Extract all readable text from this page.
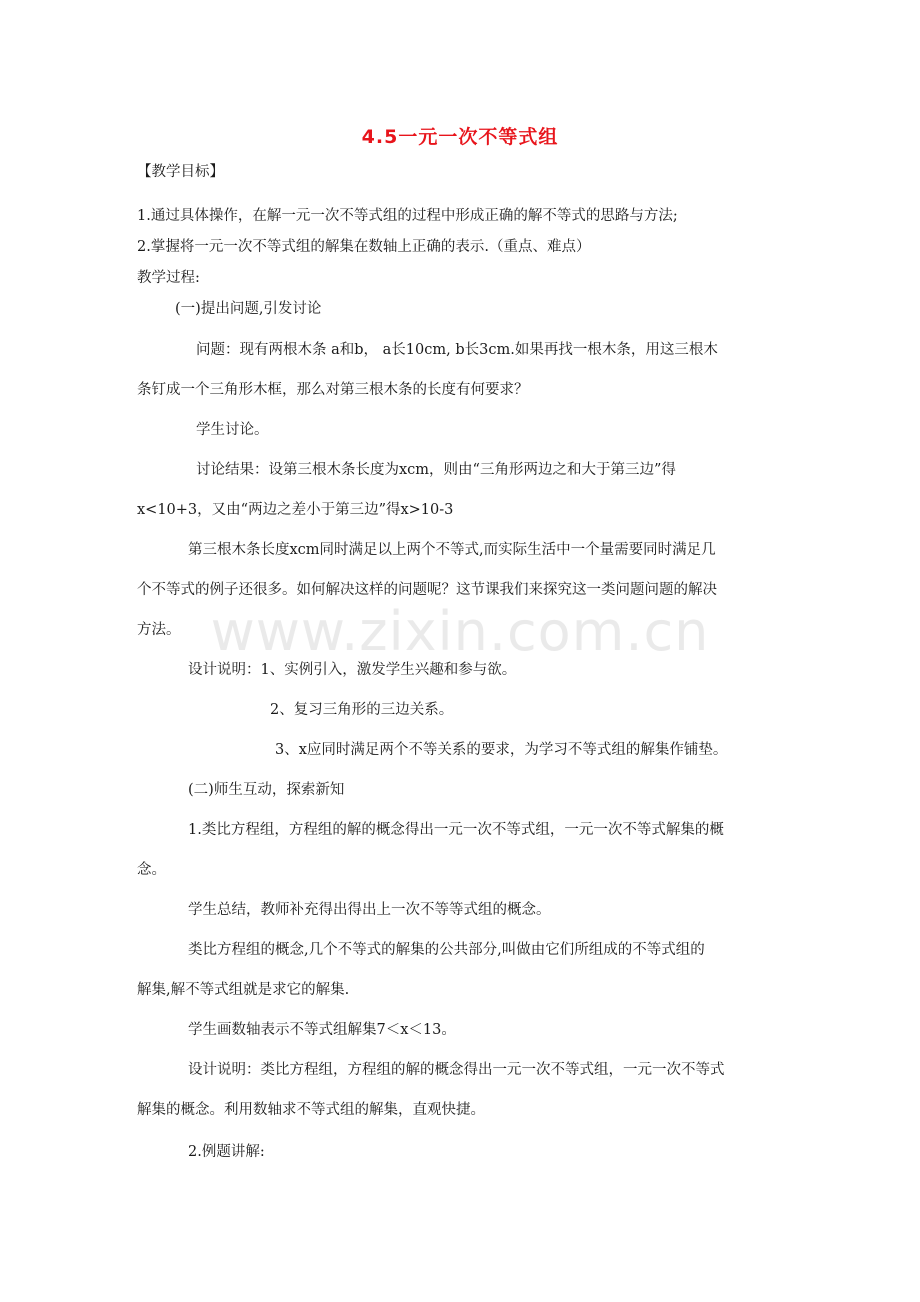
www.zixin.com.cn
4.5一元一次不等式组
【教学目标】
1.通过具体操作，在解一元一次不等式组的过程中形成正确的解不等式的思路与方法;
2.掌握将一元一次不等式组的解集在数轴上正确的表示.（重点、难点）
教学过程:
(一)提出问题,引发讨论
问题：现有两根木条 a和b， a长10cm, b长3cm.如果再找一根木条，用这三根木
条钉成一个三角形木框，那么对第三根木条的长度有何要求？
学生讨论。
讨论结果：设第三根木条长度为xcm，则由“三角形两边之和大于第三边”得
x<10+3，又由“两边之差小于第三边”得x>10-3
第三根木条长度xcm同时满足以上两个不等式,而实际生活中一个量需要同时满足几
个不等式的例子还很多。如何解决这样的问题呢？这节课我们来探究这一类问题问题的解决
方法。
设计说明：1、实例引入，激发学生兴趣和参与欲。
2、复习三角形的三边关系。
3、x应同时满足两个不等关系的要求，为学习不等式组的解集作铺垫。
(二)师生互动，探索新知
1.类比方程组，方程组的解的概念得出一元一次不等式组，一元一次不等式解集的概
念。
学生总结，教师补充得出得出上一次不等等式组的概念。
类比方程组的概念,几个不等式的解集的公共部分,叫做由它们所组成的不等式组的
解集,解不等式组就是求它的解集.
学生画数轴表示不等式组解集7＜x＜13。
设计说明：类比方程组，方程组的解的概念得出一元一次不等式组，一元一次不等式
解集的概念。利用数轴求不等式组的解集，直观快捷。
2.例题讲解:
